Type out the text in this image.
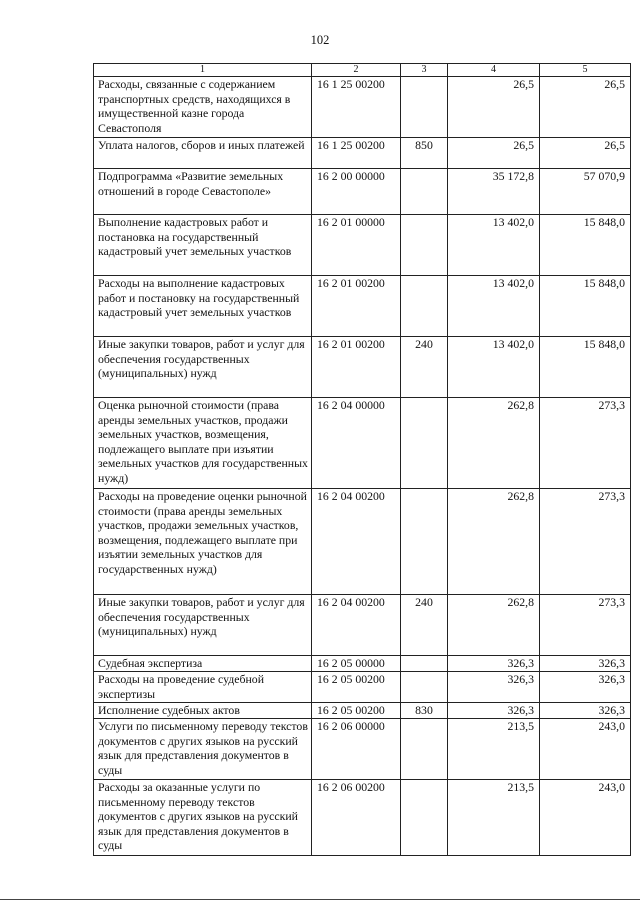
102
1	2	3	4	5
Расходы, связанные с содержанием транспортных средств, находящихся в имущественной казне города Севастополя	16 1 25 00200		26,5	26,5
Уплата налогов, сборов и иных платежей	16 1 25 00200	850	26,5	26,5
Подпрограмма «Развитие земельных отношений в городе Севастополе»	16 2 00 00000		35 172,8	57 070,9
Выполнение кадастровых работ и постановка на государственный кадастровый учет земельных участков	16 2 01 00000		13 402,0	15 848,0
Расходы на выполнение кадастровых работ и постановку на государственный кадастровый учет земельных участков	16 2 01 00200		13 402,0	15 848,0
Иные закупки товаров, работ и услуг для обеспечения государственных (муниципальных) нужд	16 2 01 00200	240	13 402,0	15 848,0
Оценка рыночной стоимости (права аренды земельных участков, продажи земельных участков, возмещения, подлежащего выплате при изъятии земельных участков для государственных нужд)	16 2 04 00000		262,8	273,3
Расходы на проведение оценки рыночной стоимости (права аренды земельных участков, продажи земельных участков, возмещения, подлежащего выплате при изъятии земельных участков для государственных нужд)	16 2 04 00200		262,8	273,3
Иные закупки товаров, работ и услуг для обеспечения государственных (муниципальных) нужд	16 2 04 00200	240	262,8	273,3
Судебная экспертиза	16 2 05 00000		326,3	326,3
Расходы на проведение судебной экспертизы	16 2 05 00200		326,3	326,3
Исполнение судебных актов	16 2 05 00200	830	326,3	326,3
Услуги по письменному переводу текстов документов с других языков на русский язык для представления документов в суды	16 2 06 00000		213,5	243,0
Расходы за оказанные услуги по письменному переводу текстов документов с других языков на русский язык для представления документов в суды	16 2 06 00200		213,5	243,0
